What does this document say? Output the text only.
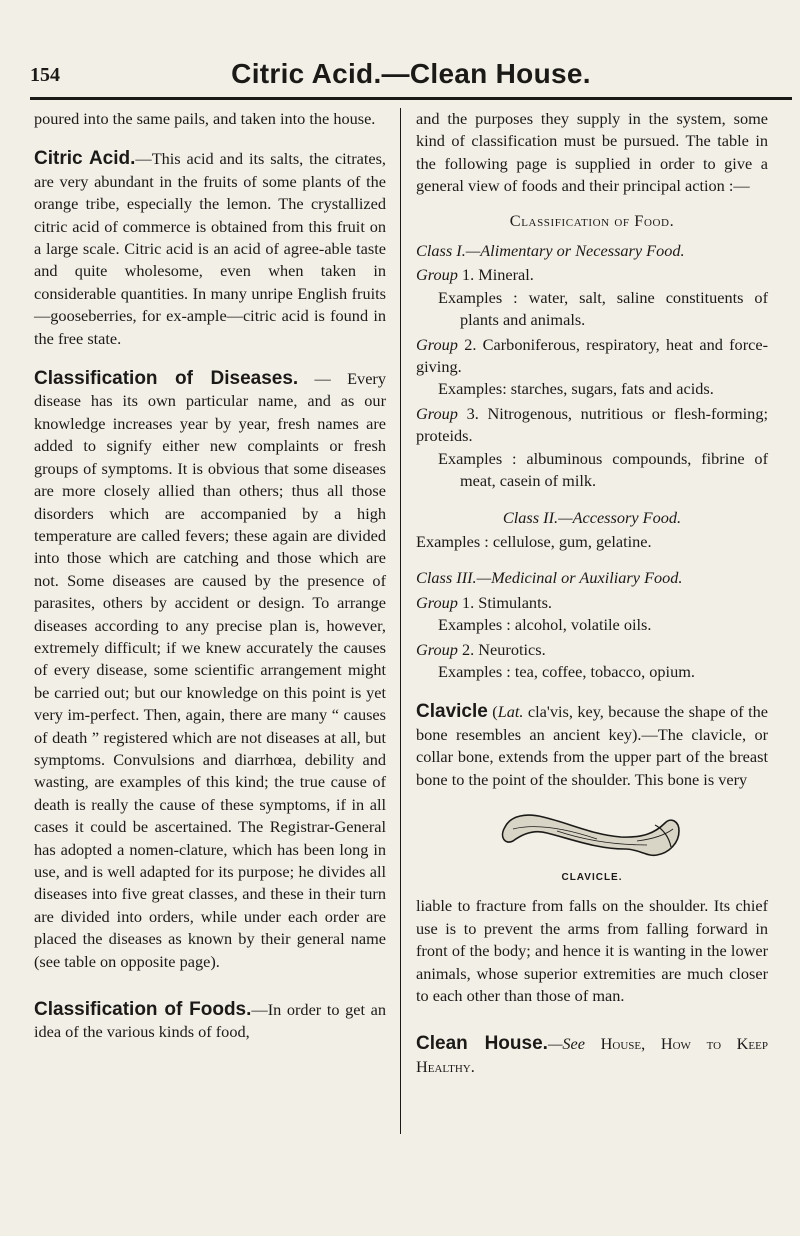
154	Citric Acid.—Clean House.

poured into the same pails, and taken into the house.

Citric Acid.—This acid and its salts, the citrates, are very abundant in the fruits of some plants of the orange tribe, especially the lemon. The crystallized citric acid of commerce is obtained from this fruit on a large scale. Citric acid is an acid of agree-able taste and quite wholesome, even when taken in considerable quantities. In many unripe English fruits—gooseberries, for ex-ample—citric acid is found in the free state.

Classification of Diseases. — Every disease has its own particular name, and as our knowledge increases year by year, fresh names are added to signify either new complaints or fresh groups of symptoms. It is obvious that some diseases are more closely allied than others; thus all those disorders which are accompanied by a high temperature are called fevers; these again are divided into those which are catching and those which are not. Some diseases are caused by the presence of parasites, others by accident or design. To arrange diseases according to any precise plan is, however, extremely difficult; if we knew accurately the causes of every disease, some scientific arrangement might be carried out; but our knowledge on this point is yet very im-perfect. Then, again, there are many “ causes of death ” registered which are not diseases at all, but symptoms. Convulsions and diarrhœa, debility and wasting, are examples of this kind; the true cause of death is really the cause of these symptoms, if in all cases it could be ascertained. The Registrar-General has adopted a nomen-clature, which has been long in use, and is well adapted for its purpose; he divides all diseases into five great classes, and these in their turn are divided into orders, while under each order are placed the diseases as known by their general name (see table on opposite page).

Classification of Foods.—In order to get an idea of the various kinds of food,

and the purposes they supply in the system, some kind of classification must be pursued. The table in the following page is supplied in order to give a general view of foods and their principal action :—

Classification of Food.

Class I.—Alimentary or Necessary Food.

Group 1. Mineral.

Examples : water, salt, saline constituents of plants and animals.

Group 2. Carboniferous, respiratory, heat and force-giving.

Examples: starches, sugars, fats and acids.

Group 3. Nitrogenous, nutritious or flesh-forming; proteids.

Examples : albuminous compounds, fibrine of meat, casein of milk.

Class II.—Accessory Food.

Examples : cellulose, gum, gelatine.

Class III.—Medicinal or Auxiliary Food.

Group 1. Stimulants.

Examples : alcohol, volatile oils.

Group 2. Neurotics.

Examples : tea, coffee, tobacco, opium.

Clavicle (Lat. cla'vis, key, because the shape of the bone resembles an ancient key).—The clavicle, or collar bone, extends from the upper part of the breast bone to the point of the shoulder. This bone is very

CLAVICLE.

liable to fracture from falls on the shoulder. Its chief use is to prevent the arms from falling forward in front of the body; and hence it is wanting in the lower animals, whose superior extremities are much closer to each other than those of man.

Clean House.—See House, How to Keep Healthy.
